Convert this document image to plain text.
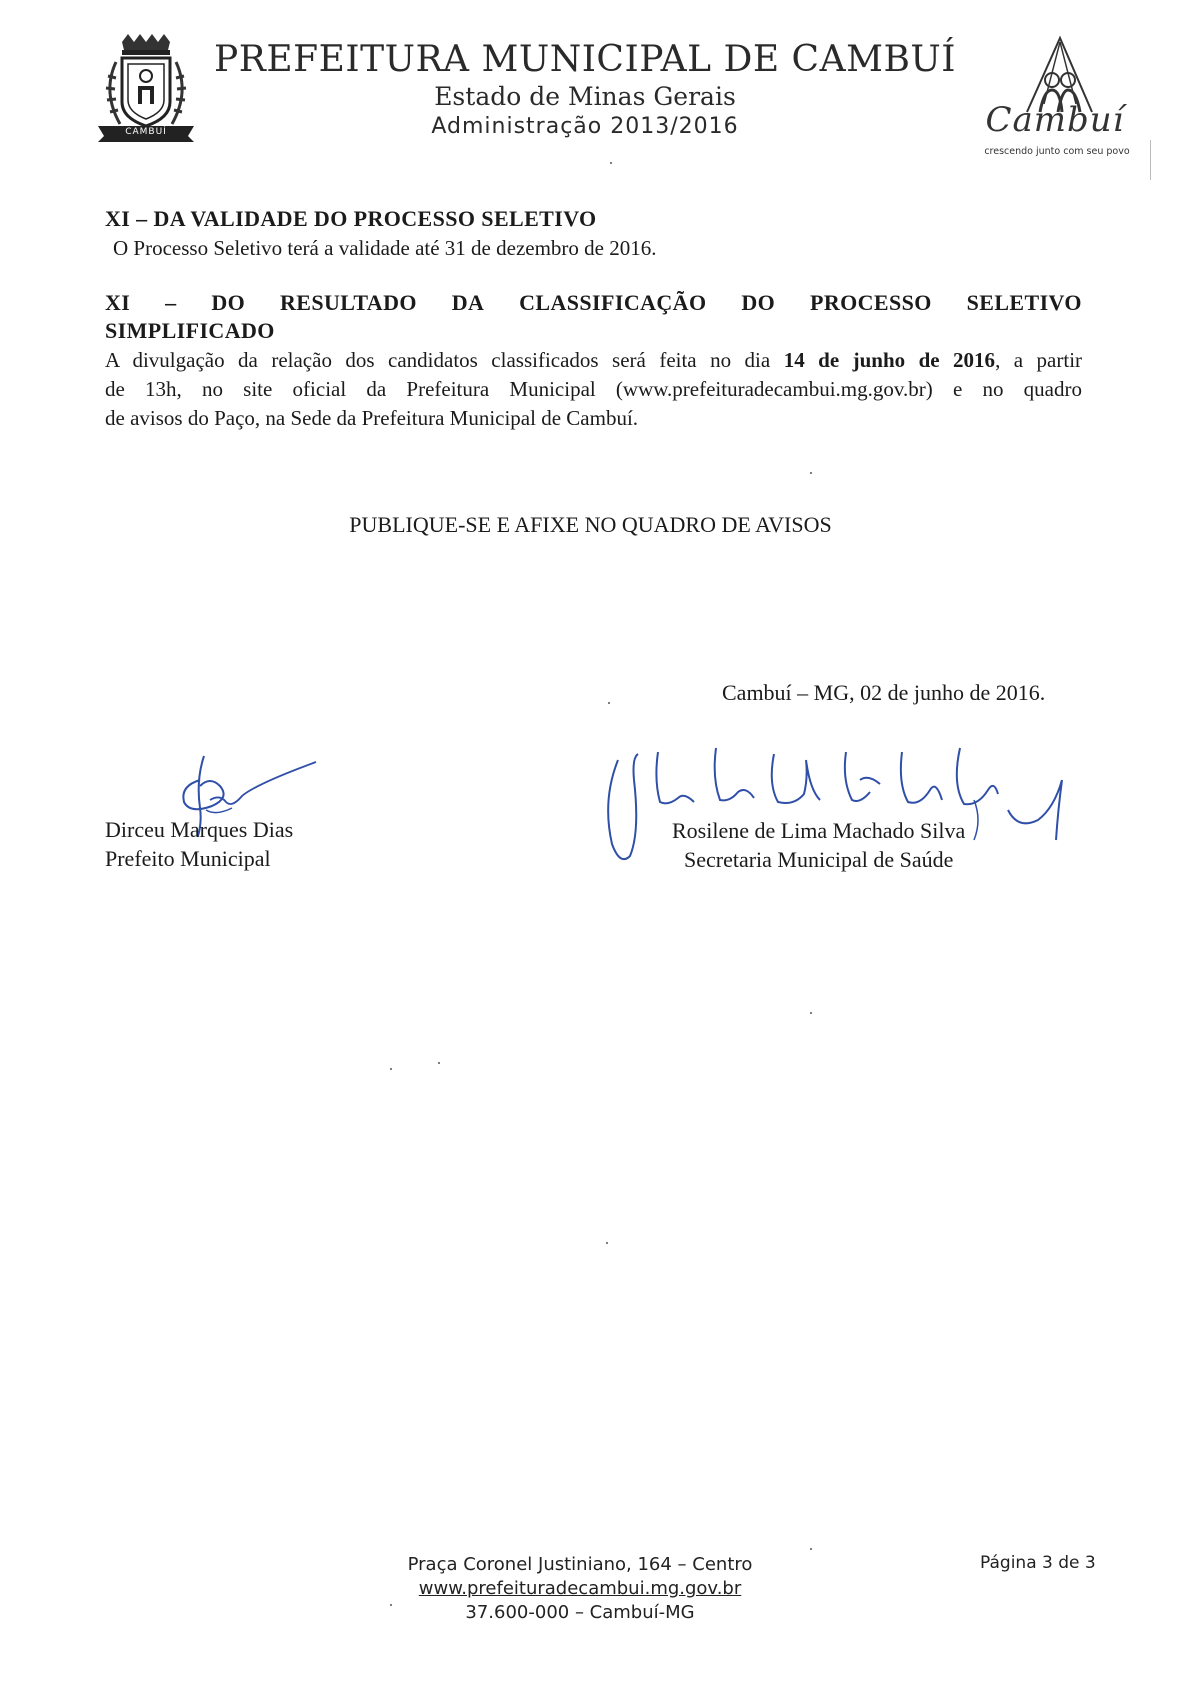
CAMBUÍ
PREFEITURA MUNICIPAL DE CAMBUÍ
Estado de Minas Gerais
Administração 2013/2016	Cambuí
crescendo junto com seu povo
XI – DA VALIDADE DO PROCESSO SELETIVO
O Processo Seletivo terá a validade até 31 de dezembro de 2016.
XI – DO RESULTADO DA CLASSIFICAÇÃO DO PROCESSO SELETIVO
SIMPLIFICADO
A divulgação da relação dos candidatos classificados será feita no dia 14 de junho de 2016, a partir
de 13h, no site oficial da Prefeitura Municipal (www.prefeituradecambui.mg.gov.br) e no quadro
de avisos do Paço, na Sede da Prefeitura Municipal de Cambuí.
PUBLIQUE-SE E AFIXE NO QUADRO DE AVISOS
Cambuí – MG, 02 de junho de 2016.
Dirceu Marques Dias
Prefeito Municipal
Rosilene de Lima Machado Silva
Secretaria Municipal de Saúde
Praça Coronel Justiniano, 164 – Centro
www.prefeituradecambui.mg.gov.br
37.600-000 – Cambuí-MG
Página 3 de 3
